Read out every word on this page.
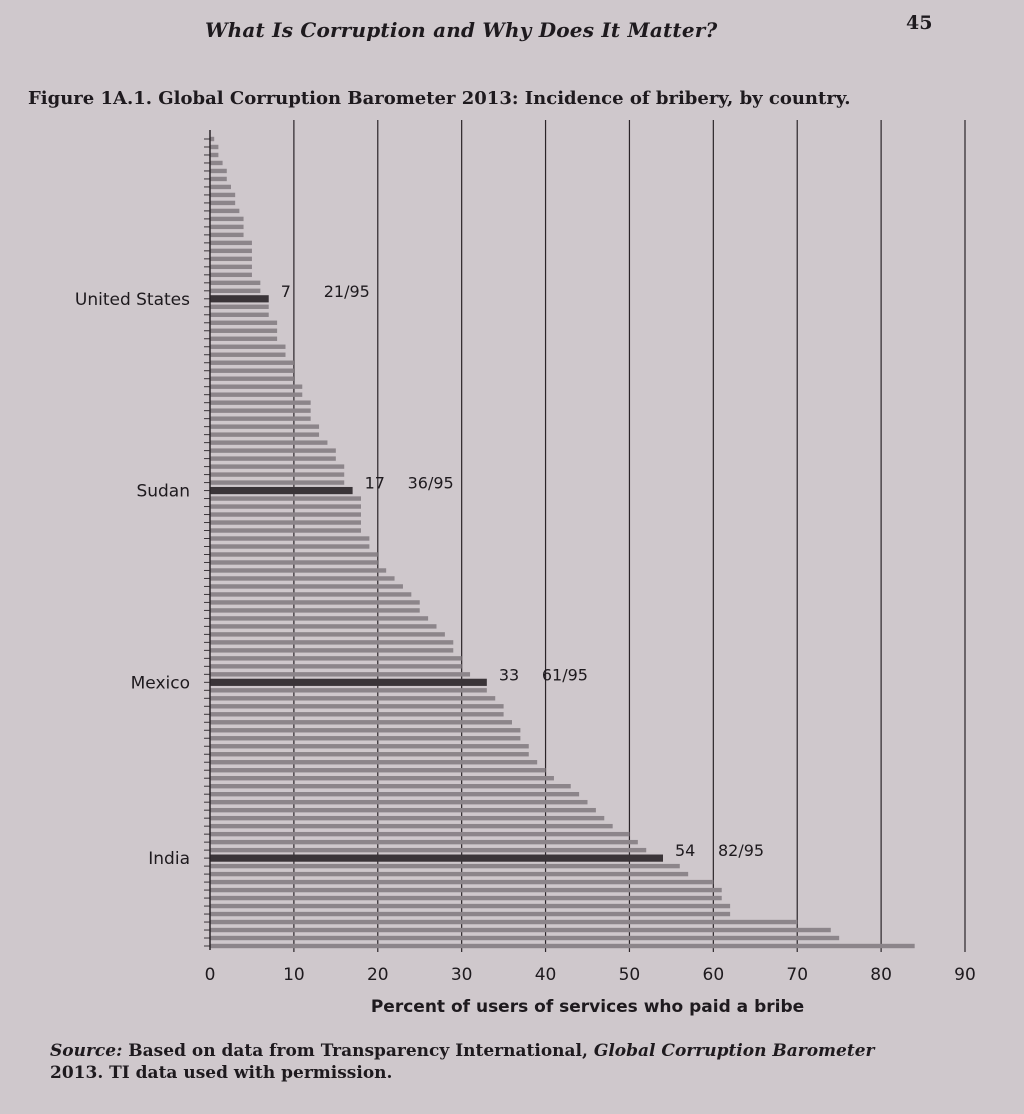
What Is Corruption and Why Does It Matter?	45
Figure 1A.1. Global Corruption Barometer 2013: Incidence of bribery, by country.
United States	7 21/95
Sudan	17 36/95
Mexico	33 61/95
India	54 82/95
0	10	20	30	40	50	60	70	80	90
Percent of users of services who paid a bribe
Source: Based on data from Transparency International, Global Corruption Barometer
2013. TI data used with permission.
